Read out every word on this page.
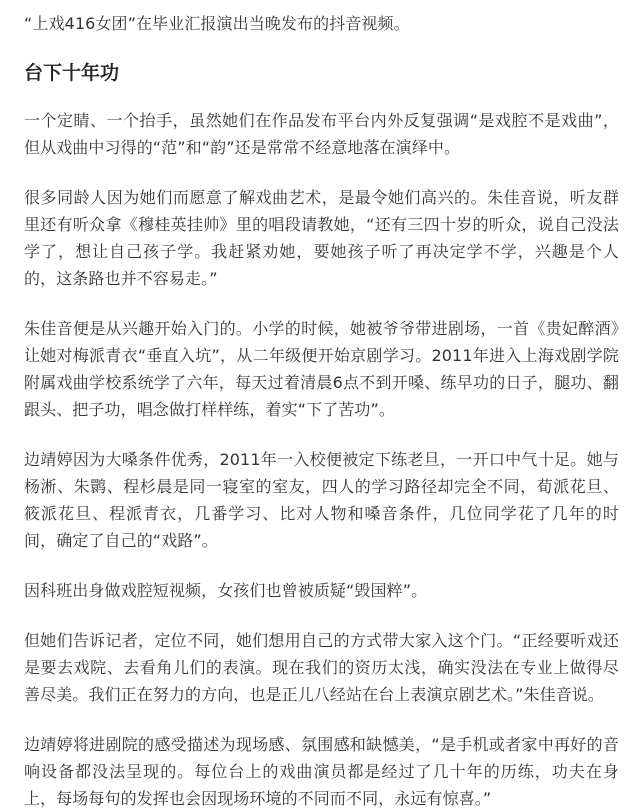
“上戏416女团”在毕业汇报演出当晚发布的抖音视频。

台下十年功

一个定睛、一个抬手，虽然她们在作品发布平台内外反复强调“是戏腔不是戏曲”，但从戏曲中习得的“范”和“韵”还是常常不经意地落在演绎中。

很多同龄人因为她们而愿意了解戏曲艺术，是最令她们高兴的。朱佳音说，听友群里还有听众拿《穆桂英挂帅》里的唱段请教她，“还有三四十岁的听众，说自己没法学了，想让自己孩子学。我赶紧劝她，要她孩子听了再决定学不学，兴趣是个人的，这条路也并不容易走。”

朱佳音便是从兴趣开始入门的。小学的时候，她被爷爷带进剧场，一首《贵妃醉酒》让她对梅派青衣“垂直入坑”，从二年级便开始京剧学习。2011年进入上海戏剧学院附属戏曲学校系统学了六年，每天过着清晨6点不到开嗓、练早功的日子，腿功、翻跟头、把子功，唱念做打样样练，着实“下了苦功”。

边靖婷因为大嗓条件优秀，2011年一入校便被定下练老旦，一开口中气十足。她与杨淅、朱鹮、程杉晨是同一寝室的室友，四人的学习路径却完全不同，荀派花旦、筱派花旦、程派青衣，几番学习、比对人物和嗓音条件，几位同学花了几年的时间，确定了自己的“戏路”。

因科班出身做戏腔短视频，女孩们也曾被质疑“毁国粹”。

但她们告诉记者，定位不同，她们想用自己的方式带大家入这个门。“正经要听戏还是要去戏院、去看角儿们的表演。现在我们的资历太浅，确实没法在专业上做得尽善尽美。我们正在努力的方向，也是正儿八经站在台上表演京剧艺术。”朱佳音说。

边靖婷将进剧院的感受描述为现场感、氛围感和缺憾美，“是手机或者家中再好的音响设备都没法呈现的。每位台上的戏曲演员都是经过了几十年的历练，功夫在身上，每场每句的发挥也会因现场环境的不同而不同，永远有惊喜。”
